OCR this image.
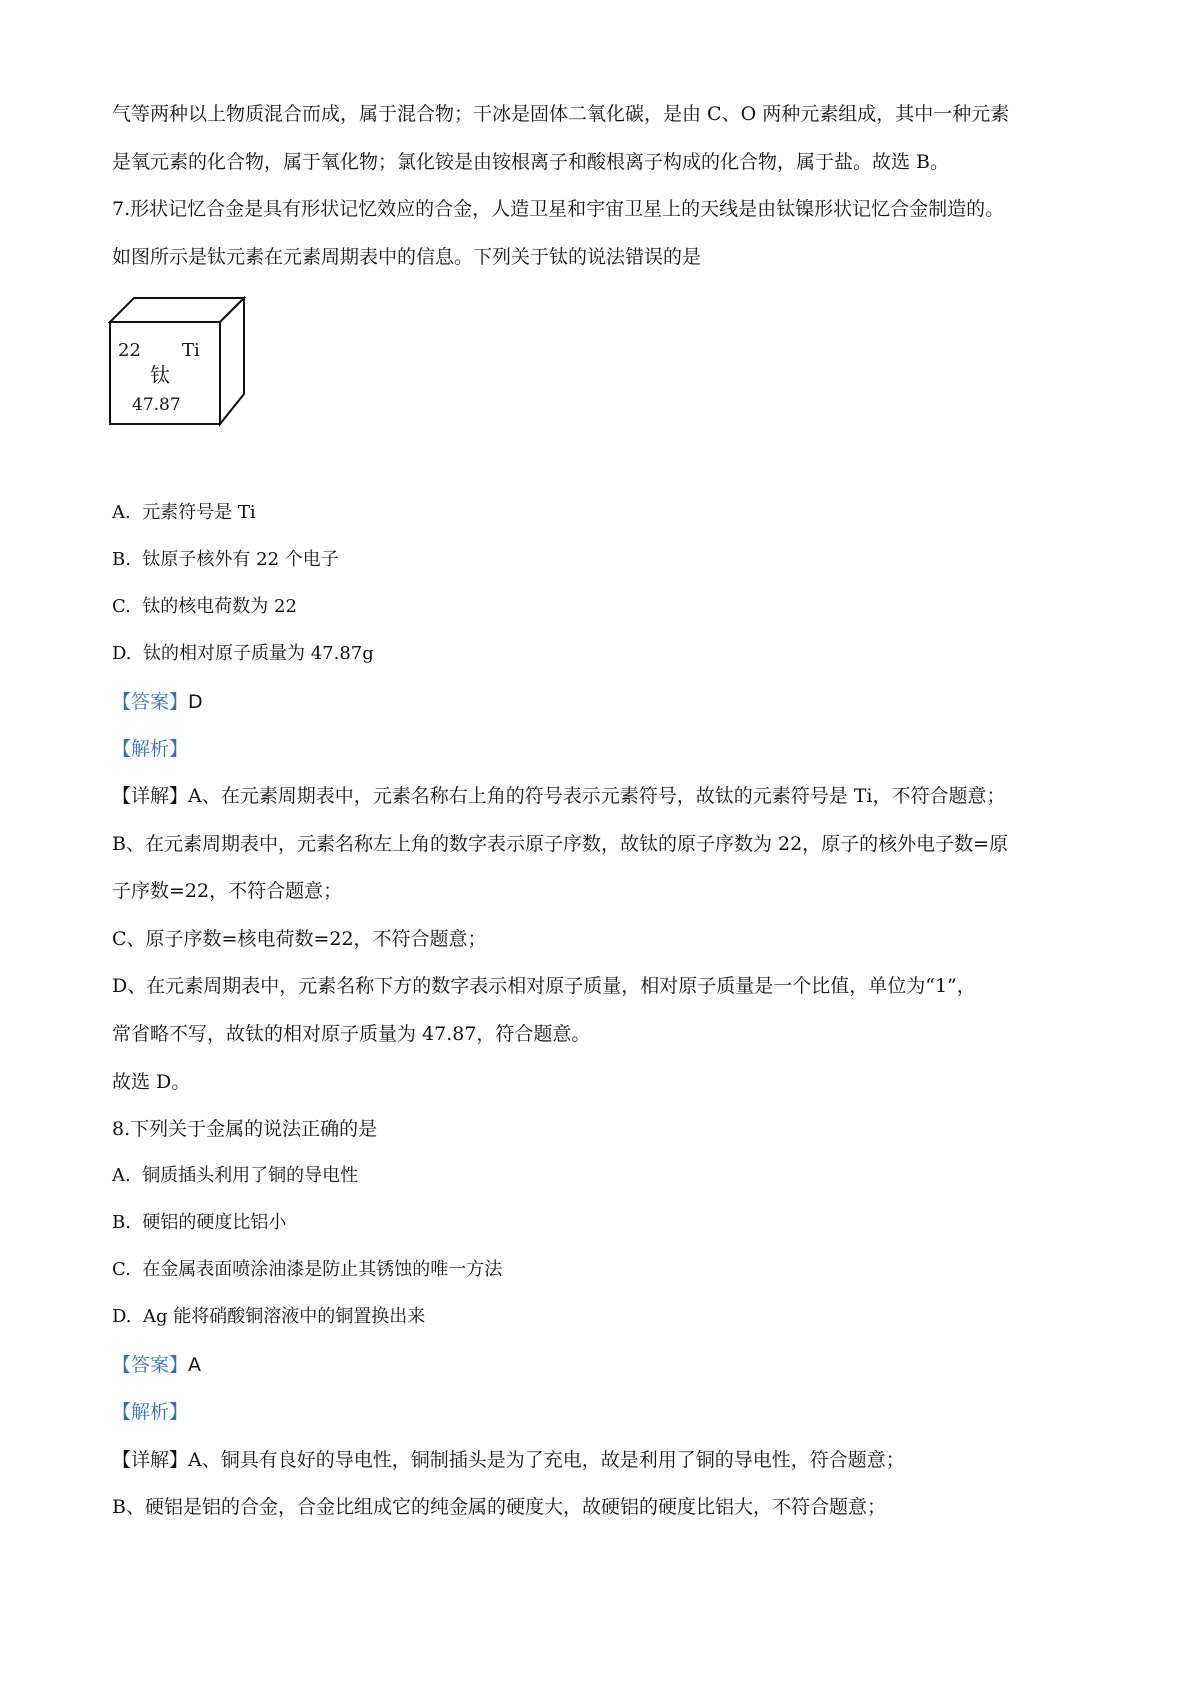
气等两种以上物质混合而成，属于混合物；干冰是固体二氧化碳，是由 C、O 两种元素组成，其中一种元素
是氧元素的化合物，属于氧化物；氯化铵是由铵根离子和酸根离子构成的化合物，属于盐。故选 B。
7.形状记忆合金是具有形状记忆效应的合金，人造卫星和宇宙卫星上的天线是由钛镍形状记忆合金制造的。
如图所示是钛元素在元素周期表中的信息。下列关于钛的说法错误的是
22 Ti
钛
47.87
A. 元素符号是 Ti
B. 钛原子核外有 22 个电子
C. 钛的核电荷数为 22
D. 钛的相对原子质量为 47.87g
【答案】D
【解析】
【详解】A、在元素周期表中，元素名称右上角的符号表示元素符号，故钛的元素符号是 Ti，不符合题意；
B、在元素周期表中，元素名称左上角的数字表示原子序数，故钛的原子序数为 22，原子的核外电子数=原
子序数=22，不符合题意；
C、原子序数=核电荷数=22，不符合题意；
D、在元素周期表中，元素名称下方的数字表示相对原子质量，相对原子质量是一个比值，单位为“1”，
常省略不写，故钛的相对原子质量为 47.87，符合题意。
故选 D。
8.下列关于金属的说法正确的是
A. 铜质插头利用了铜的导电性
B. 硬铝的硬度比铝小
C. 在金属表面喷涂油漆是防止其锈蚀的唯一方法
D. Ag 能将硝酸铜溶液中的铜置换出来
【答案】A
【解析】
【详解】A、铜具有良好的导电性，铜制插头是为了充电，故是利用了铜的导电性，符合题意；
B、硬铝是铝的合金，合金比组成它的纯金属的硬度大，故硬铝的硬度比铝大，不符合题意；
